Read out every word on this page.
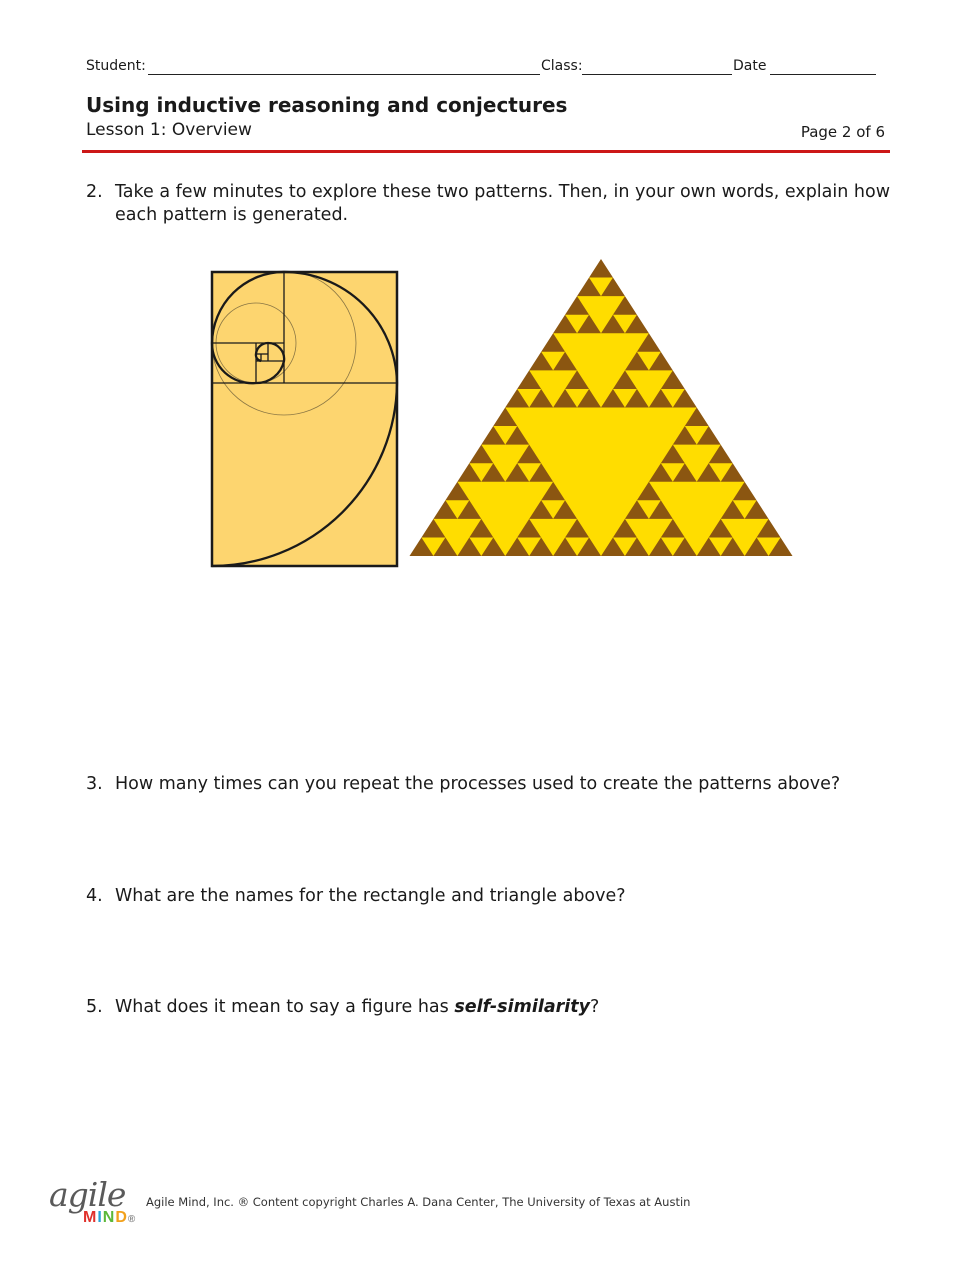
Student:	Class:	Date
Using inductive reasoning and conjectures
Lesson 1: Overview	Page 2 of 6
2. Take a few minutes to explore these two patterns. Then, in your own words, explain how each pattern is generated.
3. How many times can you repeat the processes used to create the patterns above?
4. What are the names for the rectangle and triangle above?
5. What does it mean to say a figure has self-similarity?
agile
MIND®
Agile Mind, Inc. ® Content copyright Charles A. Dana Center, The University of Texas at Austin
